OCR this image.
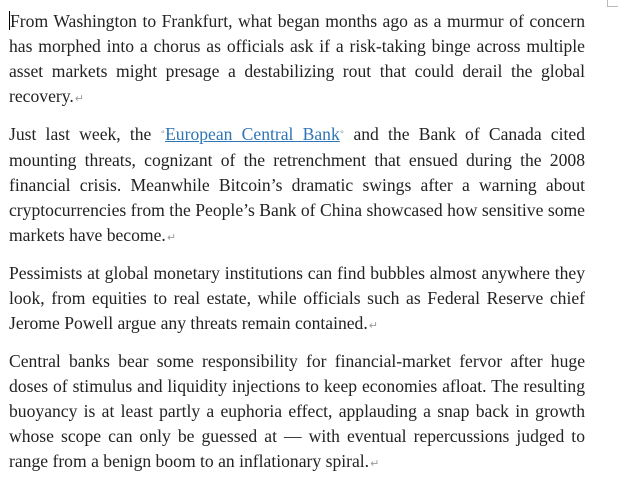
From Washington to Frankfurt, what began months ago as a murmur of concern has morphed into a chorus as officials ask if a risk-taking binge across multiple asset markets might presage a destabilizing rout that could derail the global recovery.↵

Just last week, the °European Central Bank° and the Bank of Canada cited mounting threats, cognizant of the retrenchment that ensued during the 2008 financial crisis. Meanwhile Bitcoin’s dramatic swings after a warning about cryptocurrencies from the People’s Bank of China showcased how sensitive some markets have become.↵

Pessimists at global monetary institutions can find bubbles almost anywhere they look, from equities to real estate, while officials such as Federal Reserve chief Jerome Powell argue any threats remain contained.↵

Central banks bear some responsibility for financial-market fervor after huge doses of stimulus and liquidity injections to keep economies afloat. The resulting buoyancy is at least partly a euphoria effect, applauding a snap back in growth whose scope can only be guessed at — with eventual repercussions judged to range from a benign boom to an inflationary spiral.↵
